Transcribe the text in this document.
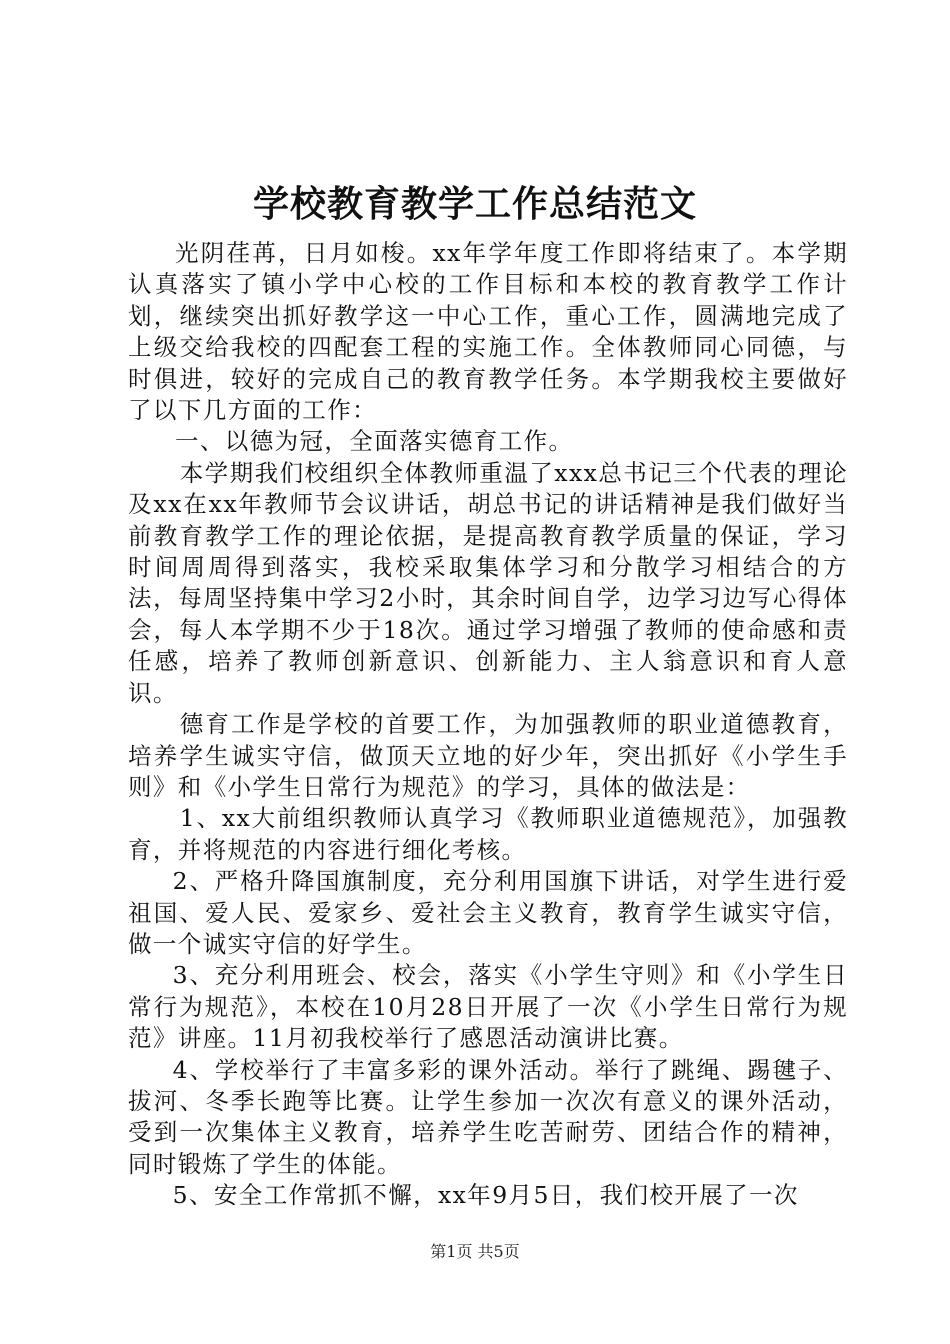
学校教育教学工作总结范文

光阴荏苒，日月如梭。xx年学年度工作即将结束了。本学期认真落实了镇小学中心校的工作目标和本校的教育教学工作计划，继续突出抓好教学这一中心工作，重心工作，圆满地完成了上级交给我校的四配套工程的实施工作。全体教师同心同德，与时俱进，较好的完成自己的教育教学任务。本学期我校主要做好了以下几方面的工作：

一、以德为冠，全面落实德育工作。

本学期我们校组织全体教师重温了xxx总书记三个代表的理论及xx在xx年教师节会议讲话，胡总书记的讲话精神是我们做好当前教育教学工作的理论依据，是提高教育教学质量的保证，学习时间周周得到落实，我校采取集体学习和分散学习相结合的方法，每周坚持集中学习2小时，其余时间自学，边学习边写心得体会，每人本学期不少于18次。通过学习增强了教师的使命感和责任感，培养了教师创新意识、创新能力、主人翁意识和育人意识。

德育工作是学校的首要工作，为加强教师的职业道德教育，培养学生诚实守信，做顶天立地的好少年，突出抓好《小学生手则》和《小学生日常行为规范》的学习，具体的做法是：

1、xx大前组织教师认真学习《教师职业道德规范》，加强教育，并将规范的内容进行细化考核。

2、严格升降国旗制度，充分利用国旗下讲话，对学生进行爱祖国、爱人民、爱家乡、爱社会主义教育，教育学生诚实守信，做一个诚实守信的好学生。

3、充分利用班会、校会，落实《小学生守则》和《小学生日常行为规范》，本校在10月28日开展了一次《小学生日常行为规范》讲座。11月初我校举行了感恩活动演讲比赛。

4、学校举行了丰富多彩的课外活动。举行了跳绳、踢毽子、拔河、冬季长跑等比赛。让学生参加一次次有意义的课外活动，受到一次集体主义教育，培养学生吃苦耐劳、团结合作的精神，同时锻炼了学生的体能。

5、安全工作常抓不懈，xx年9月5日，我们校开展了一次

第1页 共5页
